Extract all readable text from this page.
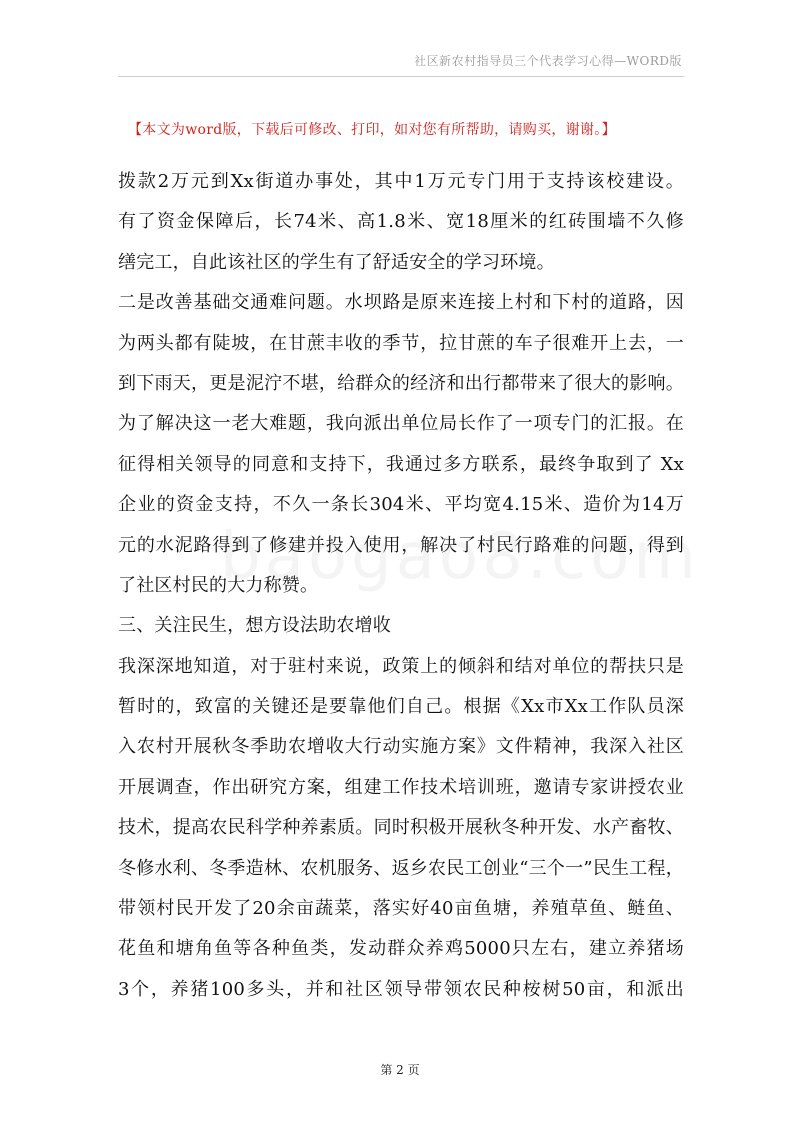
社区新农村指导员三个代表学习心得—WORD版
【本文为word版，下载后可修改、打印，如对您有所帮助，请购买，谢谢。】
拨款2万元到Xx街道办事处，其中1万元专门用于支持该校建设。
有了资金保障后，长74米、高1.8米、宽18厘米的红砖围墙不久修
缮完工，自此该社区的学生有了舒适安全的学习环境。
二是改善基础交通难问题。水坝路是原来连接上村和下村的道路，因
为两头都有陡坡，在甘蔗丰收的季节，拉甘蔗的车子很难开上去，一
到下雨天，更是泥泞不堪，给群众的经济和出行都带来了很大的影响。
为了解决这一老大难题，我向派出单位局长作了一项专门的汇报。在
征得相关领导的同意和支持下，我通过多方联系，最终争取到了 Xx
企业的资金支持，不久一条长304米、平均宽4.15米、造价为14万
元的水泥路得到了修建并投入使用，解决了村民行路难的问题，得到
了社区村民的大力称赞。
三、关注民生，想方设法助农增收
我深深地知道，对于驻村来说，政策上的倾斜和结对单位的帮扶只是
暂时的，致富的关键还是要靠他们自己。根据《Xx市Xx工作队员深
入农村开展秋冬季助农增收大行动实施方案》文件精神，我深入社区
开展调查，作出研究方案，组建工作技术培训班，邀请专家讲授农业
技术，提高农民科学种养素质。同时积极开展秋冬种开发、水产畜牧、
冬修水利、冬季造林、农机服务、返乡农民工创业“三个一”民生工程，
带领村民开发了20余亩蔬菜，落实好40亩鱼塘，养殖草鱼、鲢鱼、
花鱼和塘角鱼等各种鱼类，发动群众养鸡5000只左右，建立养猪场
3个，养猪100多头，并和社区领导带领农民种桉树50亩，和派出
第 2 页
